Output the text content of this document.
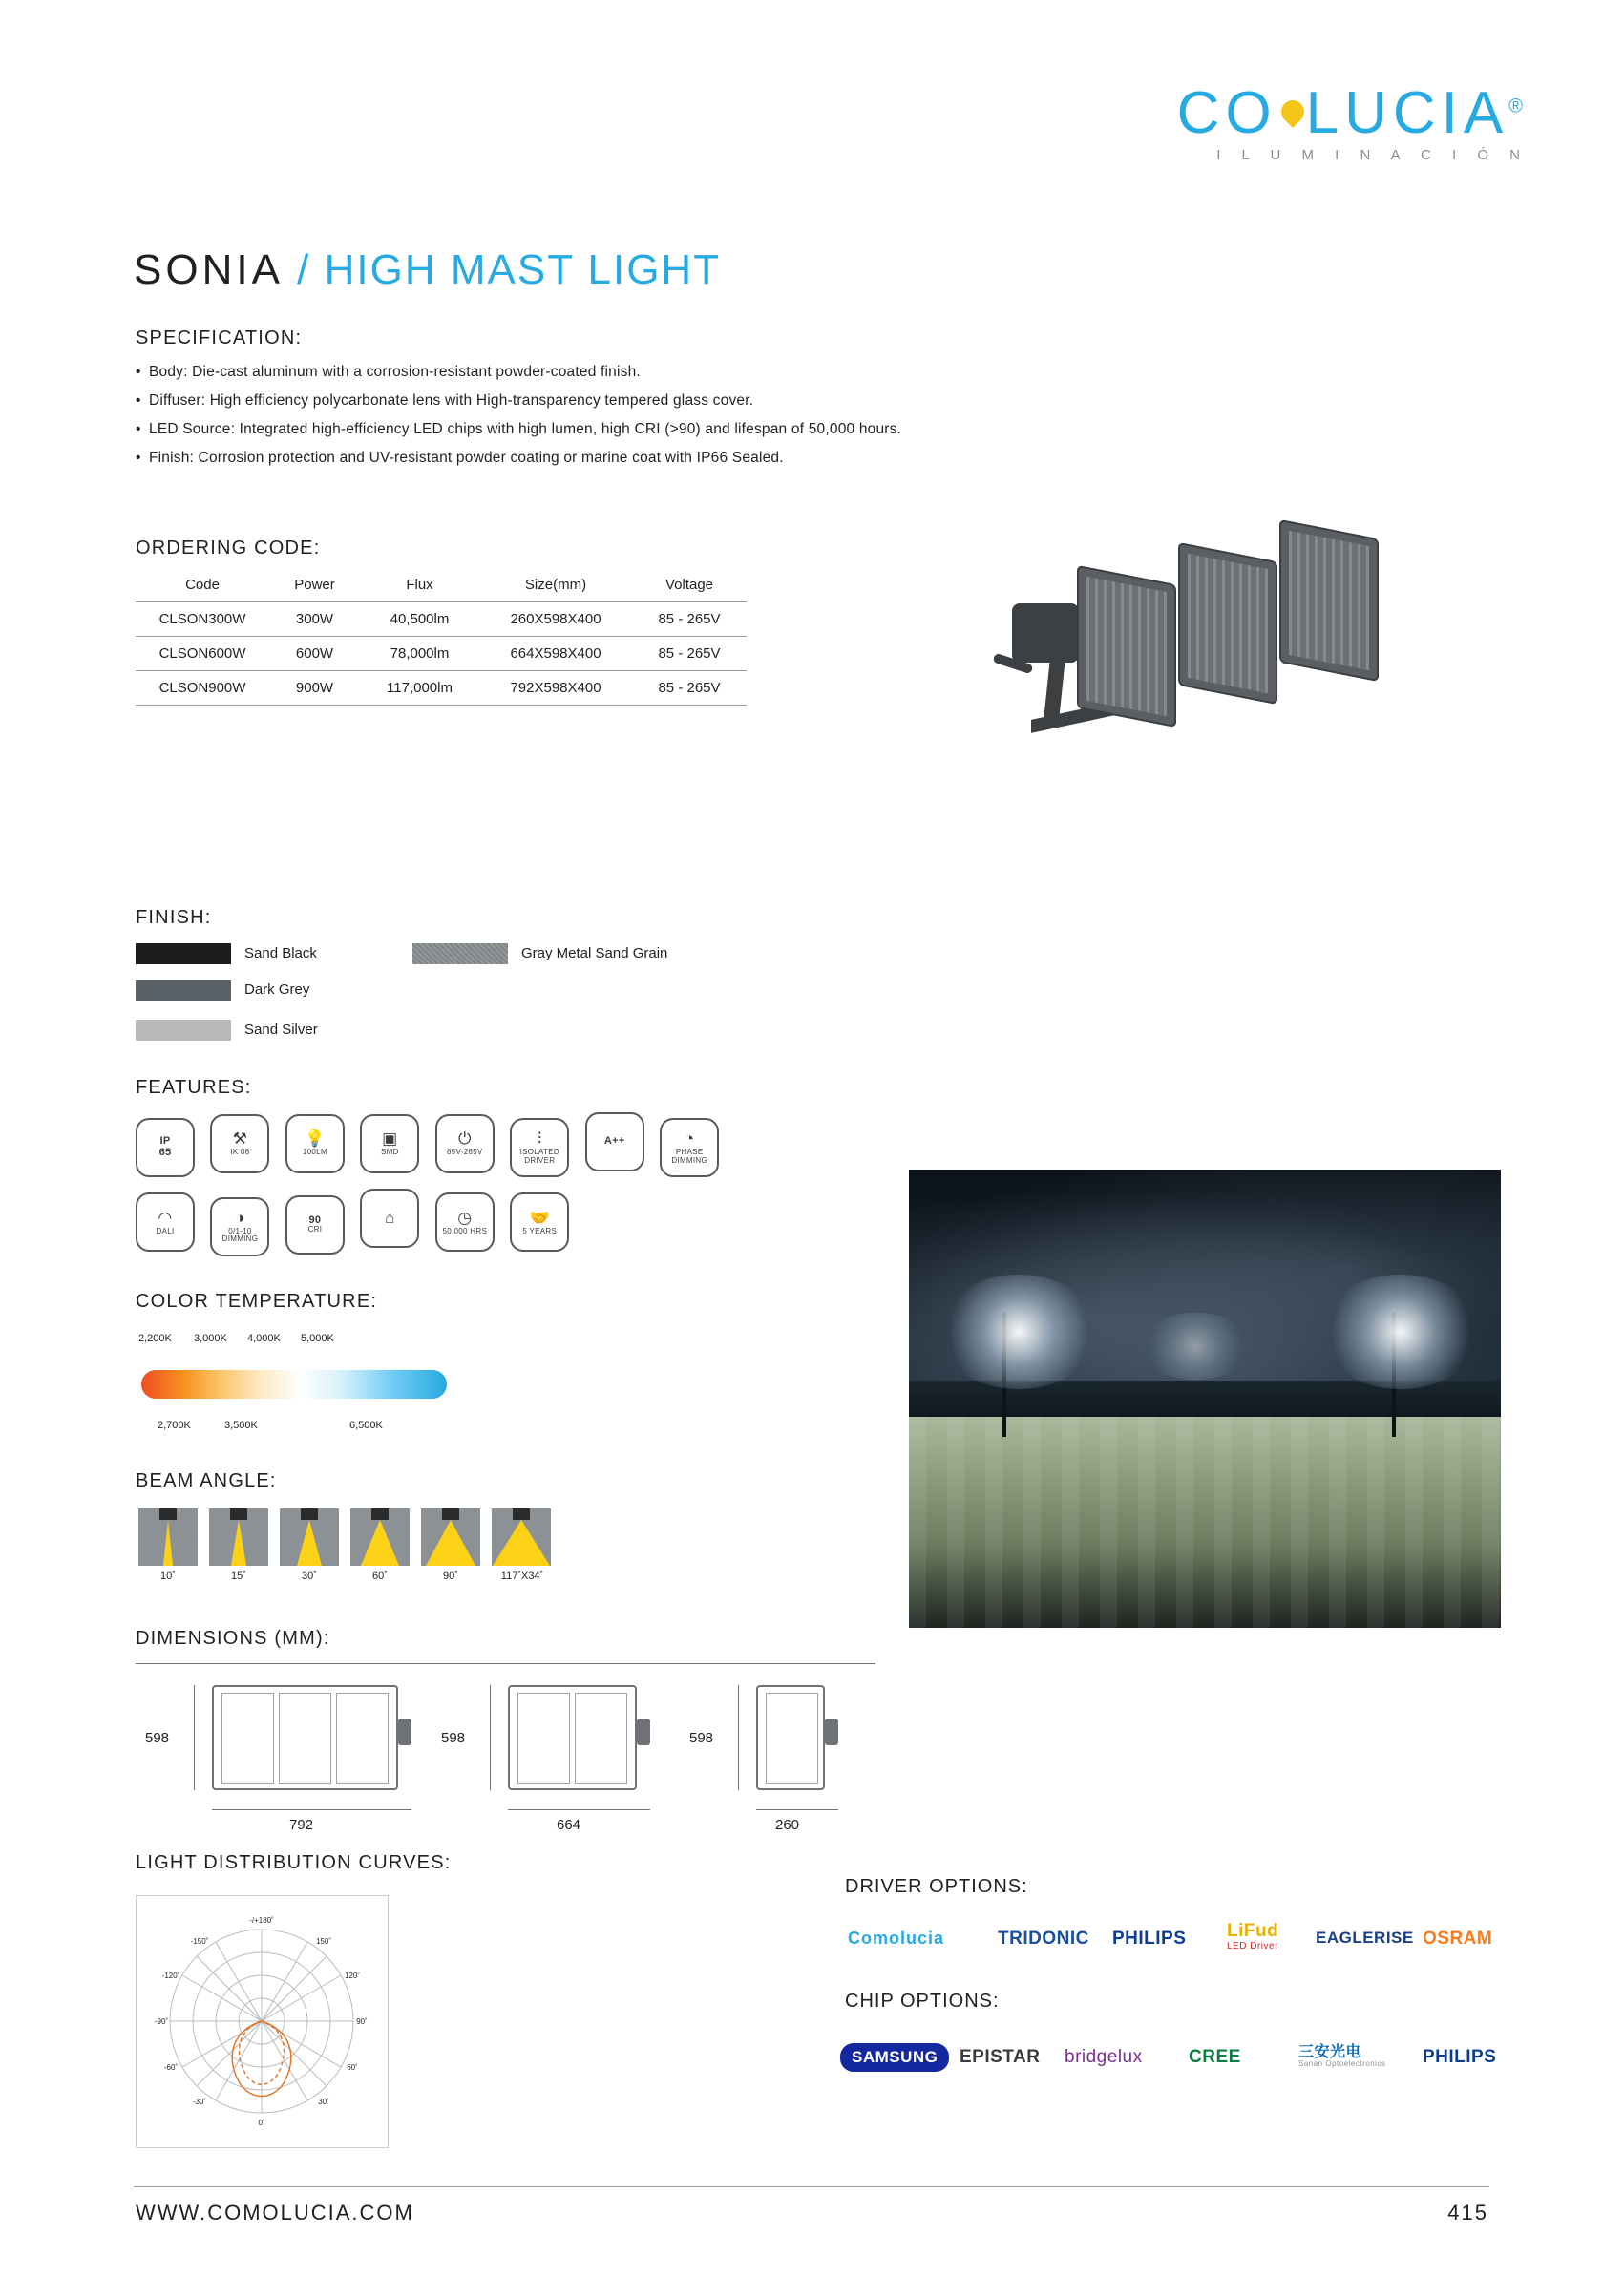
CO LUCIA®
I L U M I N A C I Ó N
SONIA / HIGH MAST LIGHT
SPECIFICATION:
• Body: Die-cast aluminum with a corrosion-resistant powder-coated finish.
• Diffuser: High efficiency polycarbonate lens with High-transparency tempered glass cover.
• LED Source: Integrated high-efficiency LED chips with high lumen, high CRI (>90) and lifespan of 50,000 hours.
• Finish: Corrosion protection and UV-resistant powder coating or marine coat with IP66 Sealed.
ORDERING CODE:
Code	Power	Flux	Size(mm)	Voltage
CLSON300W	300W	40,500lm	260X598X400	85 - 265V
CLSON600W	600W	78,000lm	664X598X400	85 - 265V
CLSON900W	900W	117,000lm	792X598X400	85 - 265V
FINISH:
Sand Black
Dark Grey
Sand Silver
Gray Metal Sand Grain
FEATURES:
IP
65

⚒
IK 08

💡
100LM

▣
SMD

⏻
85V-265V

⫶
ISOLATED DRIVER

A++
	◔
PHASE DIMMING

◠
DALI

◑
0/1-10 DIMMING

90
CRI

⌂
	◷
50,000 HRS

🤝
5 YEARS
COLOR TEMPERATURE:
2,200K 3,000K 4,000K 5,000K
2,700K	3,500K	6,500K
BEAM ANGLE:
10˚	15˚	30˚	60˚	90˚	117˚X34˚
DIMENSIONS (MM):
598
792
598
664
598
260
LIGHT DISTRIBUTION CURVES:
-/+180˚
-150˚	150˚
-120˚	120˚
-90˚	90˚
-60˚	60˚
-30˚	30˚
0˚
DRIVER OPTIONS:
Comolucia	TRIDONIC PHILIPS LiFud
LED Driver EAGLERISE OSRAM
CHIP OPTIONS:
SAMSUNG	EPISTAR bridgelux	CREE	三安光电
Sanan Optoelectronics PHILIPS
WWW.COMOLUCIA.COM	415
